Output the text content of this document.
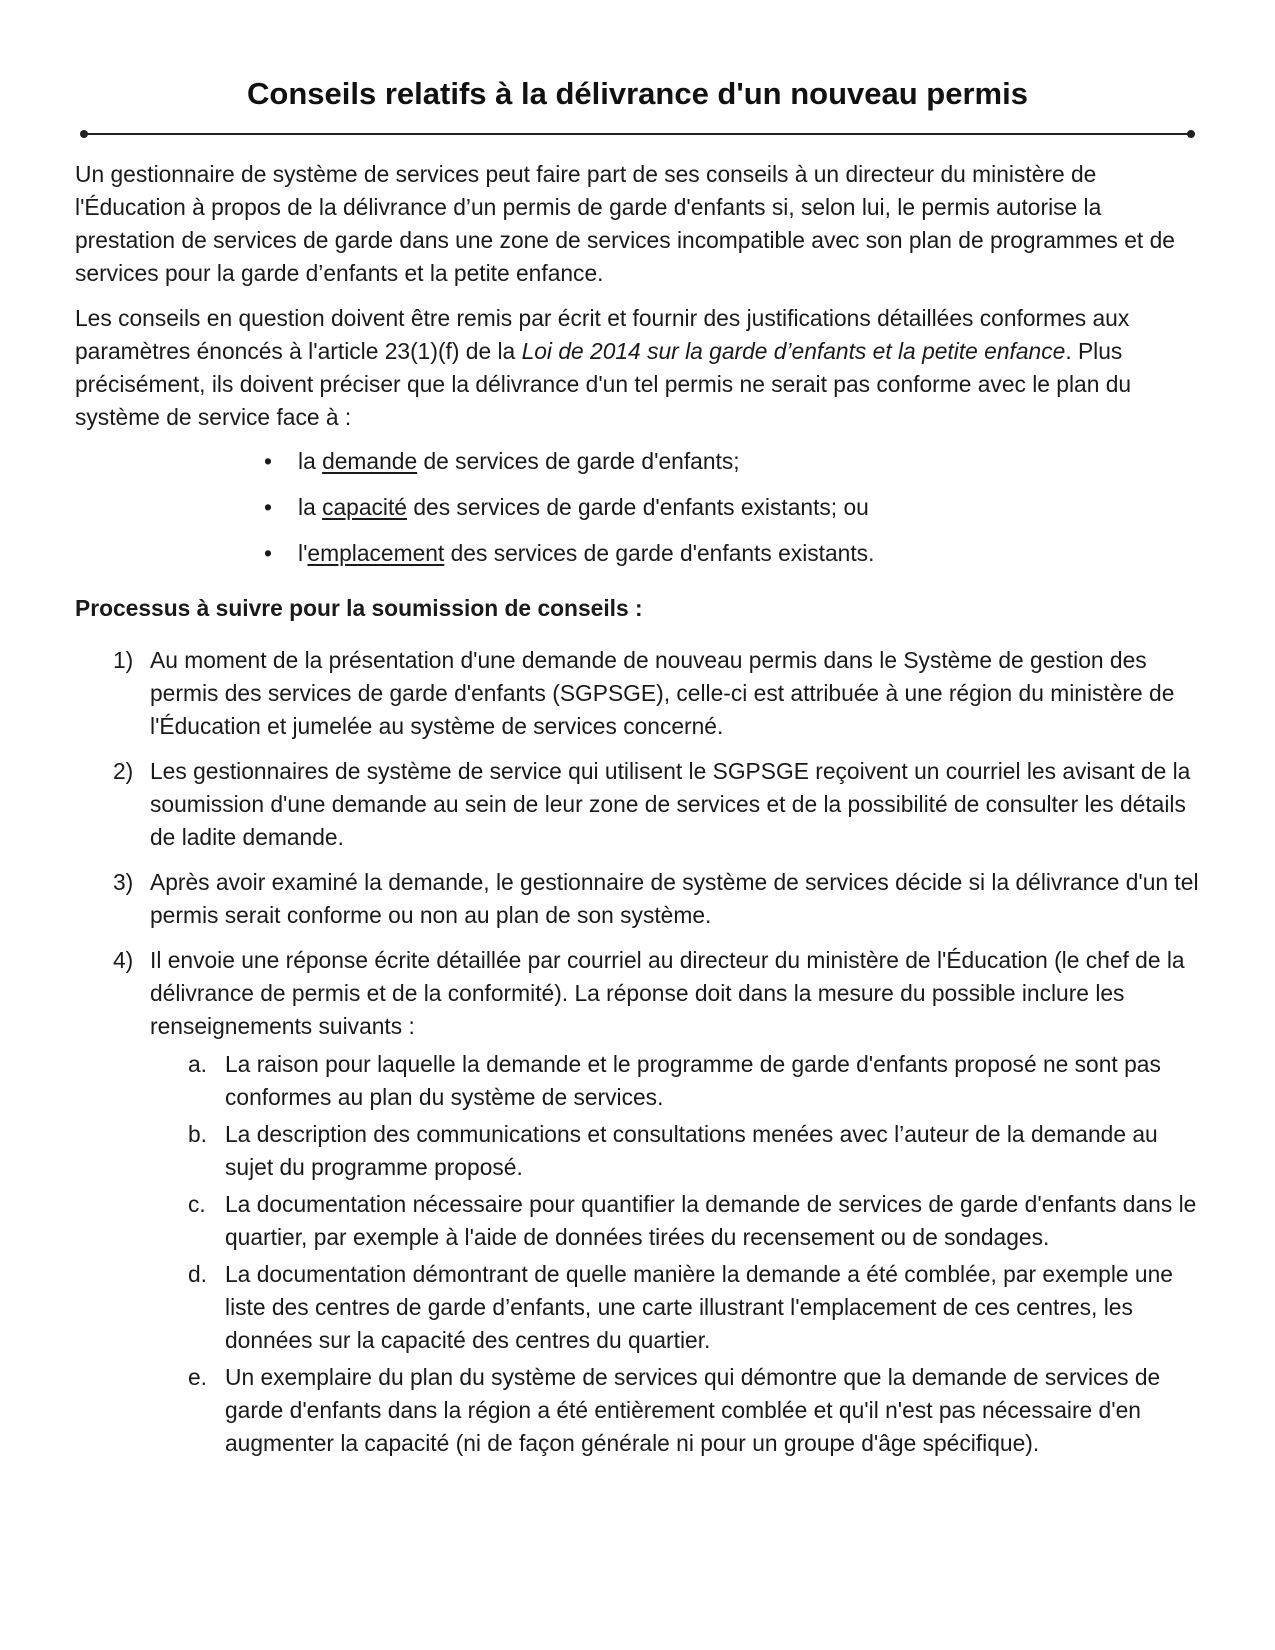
Conseils relatifs à la délivrance d'un nouveau permis

Un gestionnaire de système de services peut faire part de ses conseils à un directeur du ministère de l'Éducation à propos de la délivrance d’un permis de garde d'enfants si, selon lui, le permis autorise la prestation de services de garde dans une zone de services incompatible avec son plan de programmes et de services pour la garde d’enfants et la petite enfance.

Les conseils en question doivent être remis par écrit et fournir des justifications détaillées conformes aux paramètres énoncés à l'article 23(1)(f) de la Loi de 2014 sur la garde d’enfants et la petite enfance. Plus précisément, ils doivent préciser que la délivrance d'un tel permis ne serait pas conforme avec le plan du système de service face à :

• la demande de services de garde d'enfants;
• la capacité des services de garde d'enfants existants; ou
• l'emplacement des services de garde d'enfants existants.
Processus à suivre pour la soumission de conseils :
1) Au moment de la présentation d'une demande de nouveau permis dans le Système de gestion des permis des services de garde d'enfants (SGPSGE), celle-ci est attribuée à une région du ministère de l'Éducation et jumelée au système de services concerné.

2) Les gestionnaires de système de service qui utilisent le SGPSGE reçoivent un courriel les avisant de la soumission d'une demande au sein de leur zone de services et de la possibilité de consulter les détails de ladite demande.

3) Après avoir examiné la demande, le gestionnaire de système de services décide si la délivrance d'un tel permis serait conforme ou non au plan de son système.

4) Il envoie une réponse écrite détaillée par courriel au directeur du ministère de l'Éducation (le chef de la délivrance de permis et de la conformité). La réponse doit dans la mesure du possible inclure les renseignements suivants :

a. La raison pour laquelle la demande et le programme de garde d'enfants proposé ne sont pas conformes au plan du système de services.
b. La description des communications et consultations menées avec l’auteur de la demande au sujet du programme proposé.
c. La documentation nécessaire pour quantifier la demande de services de garde d'enfants dans le quartier, par exemple à l'aide de données tirées du recensement ou de sondages.
d. La documentation démontrant de quelle manière la demande a été comblée, par exemple une liste des centres de garde d’enfants, une carte illustrant l'emplacement de ces centres, les données sur la capacité des centres du quartier.
e. Un exemplaire du plan du système de services qui démontre que la demande de services de garde d'enfants dans la région a été entièrement comblée et qu'il n'est pas nécessaire d'en augmenter la capacité (ni de façon générale ni pour un groupe d'âge spécifique).
